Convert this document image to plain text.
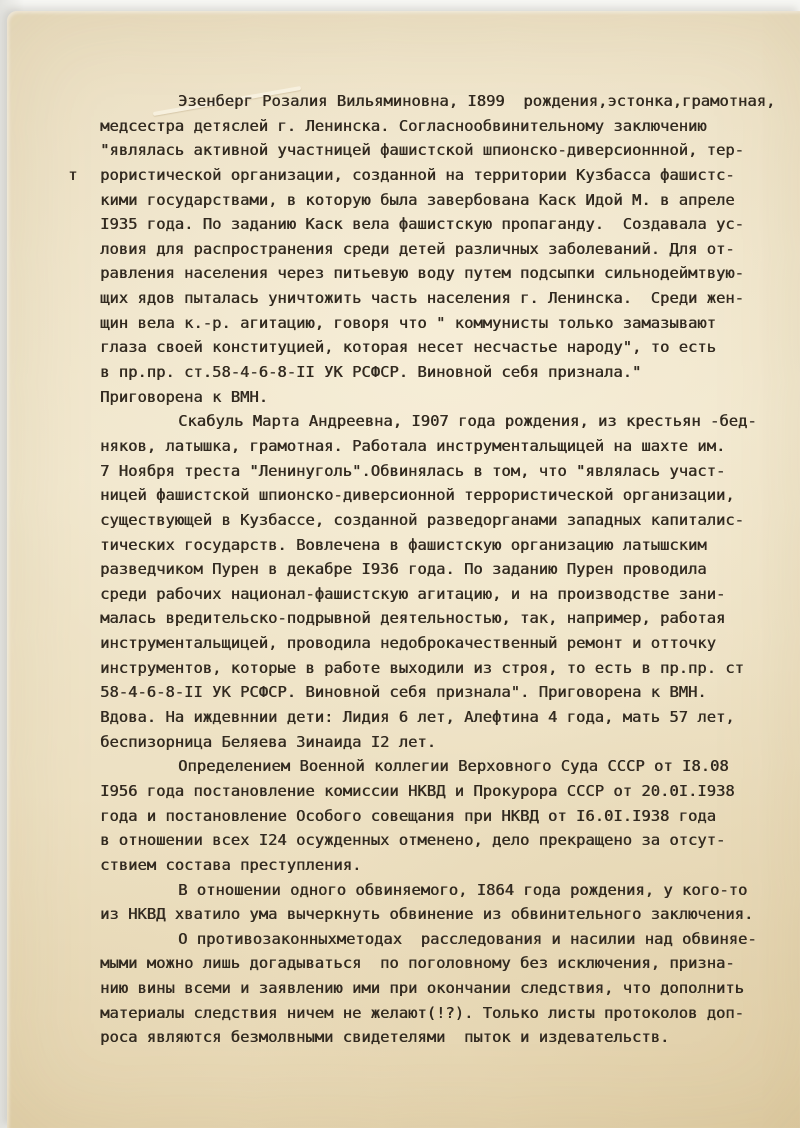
т
Эзенберг Розалия Вильяминовна, I899  рождения,эстонка,грамотная,
медсестра детяслей г. Ленинска. Согласнообвинительному заключению
"являлась активной участницей фашистской шпионско-диверсионнной, тер-
рористической организации, созданной на территории Кузбасса фашистс-
кими государствами, в которую была завербована Каск Идой М. в апреле
I935 года. По заданию Каск вела фашистскую пропаганду.  Создавала ус-
ловия для распространения среди детей различных заболеваний. Для от-
равления населения через питьевую воду путем подсыпки сильнодеймтвую-
щих ядов пыталась уничтожить часть населения г. Ленинска.  Среди жен-
щин вела к.-р. агитацию, говоря что " коммунисты только замазывают
глаза своей конституцией, которая несет несчастье народу", то есть
в пр.пр. ст.58-4-6-8-II УК РСФСР. Виновной себя признала."
Приговорена к ВМН.
Скабуль Марта Андреевна, I907 года рождения, из крестьян -бед-
няков, латышка, грамотная. Работала инструментальщицей на шахте им.
7 Ноября треста "Ленинуголь".Обвинялась в том, что "являлась участ-
ницей фашистской шпионско-диверсионной террористической организации,
существующей в Кузбассе, созданной разведорганами западных капиталис-
тических государств. Вовлечена в фашистскую организацию латышским
разведчиком Пурен в декабре I936 года. По заданию Пурен проводила
среди рабочих национал-фашистскую агитацию, и на производстве зани-
малась вредительско-подрывной деятельностью, так, например, работая
инструментальщицей, проводила недоброкачественный ремонт и отточку
инструментов, которые в работе выходили из строя, то есть в пр.пр. ст
58-4-6-8-II УК РСФСР. Виновной себя признала". Приговорена к ВМН.
Вдова. На иждевннии дети: Лидия 6 лет, Алефтина 4 года, мать 57 лет,
беспизорница Беляева Зинаида I2 лет.
Определением Военной коллегии Верховного Суда СССР от I8.08
I956 года постановление комиссии НКВД и Прокурора СССР от 20.0I.I938
года и постановление Особого совещания при НКВД от I6.0I.I938 года
в отношении всех I24 осужденных отменено, дело прекращено за отсут-
ствием состава преступления.
В отношении одного обвиняемого, I864 года рождения, у кого-то
из НКВД хватило ума вычеркнуть обвинение из обвинительного заключения.
О противозаконныхметодах  расследования и насилии над обвиняе-
мыми можно лишь догадываться  по поголовному без исключения, призна-
нию вины всеми и заявлению ими при окончании следствия, что дополнить
материалы следствия ничем не желают(!?). Только листы протоколов доп-
роса являются безмолвными свидетелями  пыток и издевательств.
